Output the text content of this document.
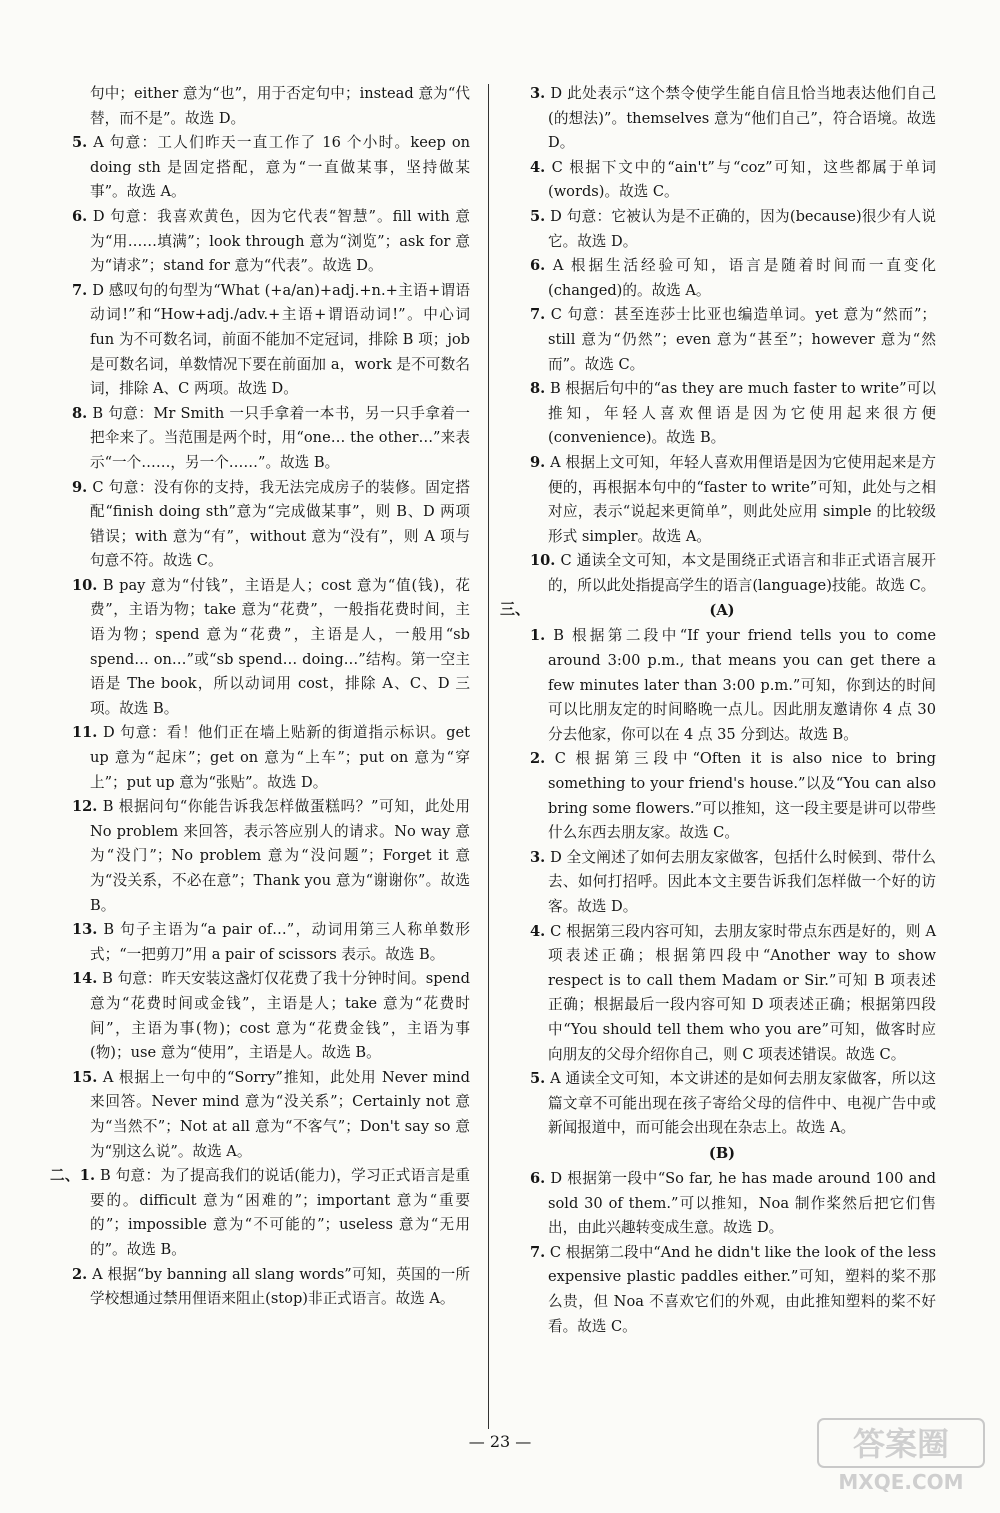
句中；either 意为“也”，用于否定句中；instead 意为“代替，而不是”。故选 D。

5. A 句意：工人们昨天一直工作了 16 个小时。keep on doing sth 是固定搭配，意为“一直做某事，坚持做某事”。故选 A。

6. D 句意：我喜欢黄色，因为它代表“智慧”。fill with 意为“用……填满”；look through 意为“浏览”；ask for 意为“请求”；stand for 意为“代表”。故选 D。

7. D 感叹句的句型为“What (+a/an)+adj.+n.+主语+谓语动词!”和“How+adj./adv.+主语+谓语动词!”。中心词 fun 为不可数名词，前面不能加不定冠词，排除 B 项；job 是可数名词，单数情况下要在前面加 a，work 是不可数名词，排除 A、C 两项。故选 D。

8. B 句意：Mr Smith 一只手拿着一本书，另一只手拿着一把伞来了。当范围是两个时，用“one… the other…”来表示“一个……，另一个……”。故选 B。

9. C 句意：没有你的支持，我无法完成房子的装修。固定搭配“finish doing sth”意为“完成做某事”，则 B、D 两项错误；with 意为“有”，without 意为“没有”，则 A 项与句意不符。故选 C。

10. B pay 意为“付钱”，主语是人；cost 意为“值(钱)，花费”，主语为物；take 意为“花费”，一般指花费时间，主语为物；spend 意为“花费”，主语是人，一般用“sb spend… on…”或“sb spend… doing…”结构。第一空主语是 The book，所以动词用 cost，排除 A、C、D 三项。故选 B。

11. D 句意：看！他们正在墙上贴新的街道指示标识。get up 意为“起床”；get on 意为“上车”；put on 意为“穿上”；put up 意为“张贴”。故选 D。

12. B 根据问句“你能告诉我怎样做蛋糕吗？”可知，此处用 No problem 来回答，表示答应别人的请求。No way 意为“没门”；No problem 意为“没问题”；Forget it 意为“没关系，不必在意”；Thank you 意为“谢谢你”。故选 B。

13. B 句子主语为“a pair of…”，动词用第三人称单数形式；“一把剪刀”用 a pair of scissors 表示。故选 B。

14. B 句意：昨天安装这盏灯仅花费了我十分钟时间。spend 意为“花费时间或金钱”，主语是人；take 意为“花费时间”，主语为事(物)；cost 意为“花费金钱”，主语为事(物)；use 意为“使用”，主语是人。故选 B。

15. A 根据上一句中的“Sorry”推知，此处用 Never mind 来回答。Never mind 意为“没关系”；Certainly not 意为“当然不”；Not at all 意为“不客气”；Don't say so 意为“别这么说”。故选 A。

二、1. B 句意：为了提高我们的说话(能力)，学习正式语言是重要的。difficult 意为“困难的”；important 意为“重要的”；impossible 意为“不可能的”；useless 意为“无用的”。故选 B。

2. A 根据“by banning all slang words”可知，英国的一所学校想通过禁用俚语来阻止(stop)非正式语言。故选 A。

3. D 此处表示“这个禁令使学生能自信且恰当地表达他们自己(的想法)”。themselves 意为“他们自己”，符合语境。故选 D。

4. C 根据下文中的“ain't”与“coz”可知，这些都属于单词(words)。故选 C。

5. D 句意：它被认为是不正确的，因为(because)很少有人说它。故选 D。

6. A 根据生活经验可知，语言是随着时间而一直变化(changed)的。故选 A。

7. C 句意：甚至连莎士比亚也编造单词。yet 意为“然而”；still 意为“仍然”；even 意为“甚至”；however 意为“然而”。故选 C。

8. B 根据后句中的“as they are much faster to write”可以推知，年轻人喜欢俚语是因为它使用起来很方便(convenience)。故选 B。

9. A 根据上文可知，年轻人喜欢用俚语是因为它使用起来是方便的，再根据本句中的“faster to write”可知，此处与之相对应，表示“说起来更简单”，则此处应用 simple 的比较级形式 simpler。故选 A。

10. C 通读全文可知，本文是围绕正式语言和非正式语言展开的，所以此处指提高学生的语言(language)技能。故选 C。

三、	(A)

1. B 根据第二段中“If your friend tells you to come around 3:00 p.m., that means you can get there a few minutes later than 3:00 p.m.”可知，你到达的时间可以比朋友定的时间略晚一点儿。因此朋友邀请你 4 点 30 分去他家，你可以在 4 点 35 分到达。故选 B。

2. C 根据第三段中“Often it is also nice to bring something to your friend's house.”以及“You can also bring some flowers.”可以推知，这一段主要是讲可以带些什么东西去朋友家。故选 C。

3. D 全文阐述了如何去朋友家做客，包括什么时候到、带什么去、如何打招呼。因此本文主要告诉我们怎样做一个好的访客。故选 D。

4. C 根据第三段内容可知，去朋友家时带点东西是好的，则 A 项表述正确；根据第四段中“Another way to show respect is to call them Madam or Sir.”可知 B 项表述正确；根据最后一段内容可知 D 项表述正确；根据第四段中“You should tell them who you are”可知，做客时应向朋友的父母介绍你自己，则 C 项表述错误。故选 C。

5. A 通读全文可知，本文讲述的是如何去朋友家做客，所以这篇文章不可能出现在孩子寄给父母的信件中、电视广告中或新闻报道中，而可能会出现在杂志上。故选 A。

(B)

6. D 根据第一段中“So far, he has made around 100 and sold 30 of them.”可以推知，Noa 制作桨然后把它们售出，由此兴趣转变成生意。故选 D。

7. C 根据第二段中“And he didn't like the look of the less expensive plastic paddles either.”可知，塑料的桨不那么贵，但 Noa 不喜欢它们的外观，由此推知塑料的桨不好看。故选 C。

— 23 —	答案圈
MXQE.COM
